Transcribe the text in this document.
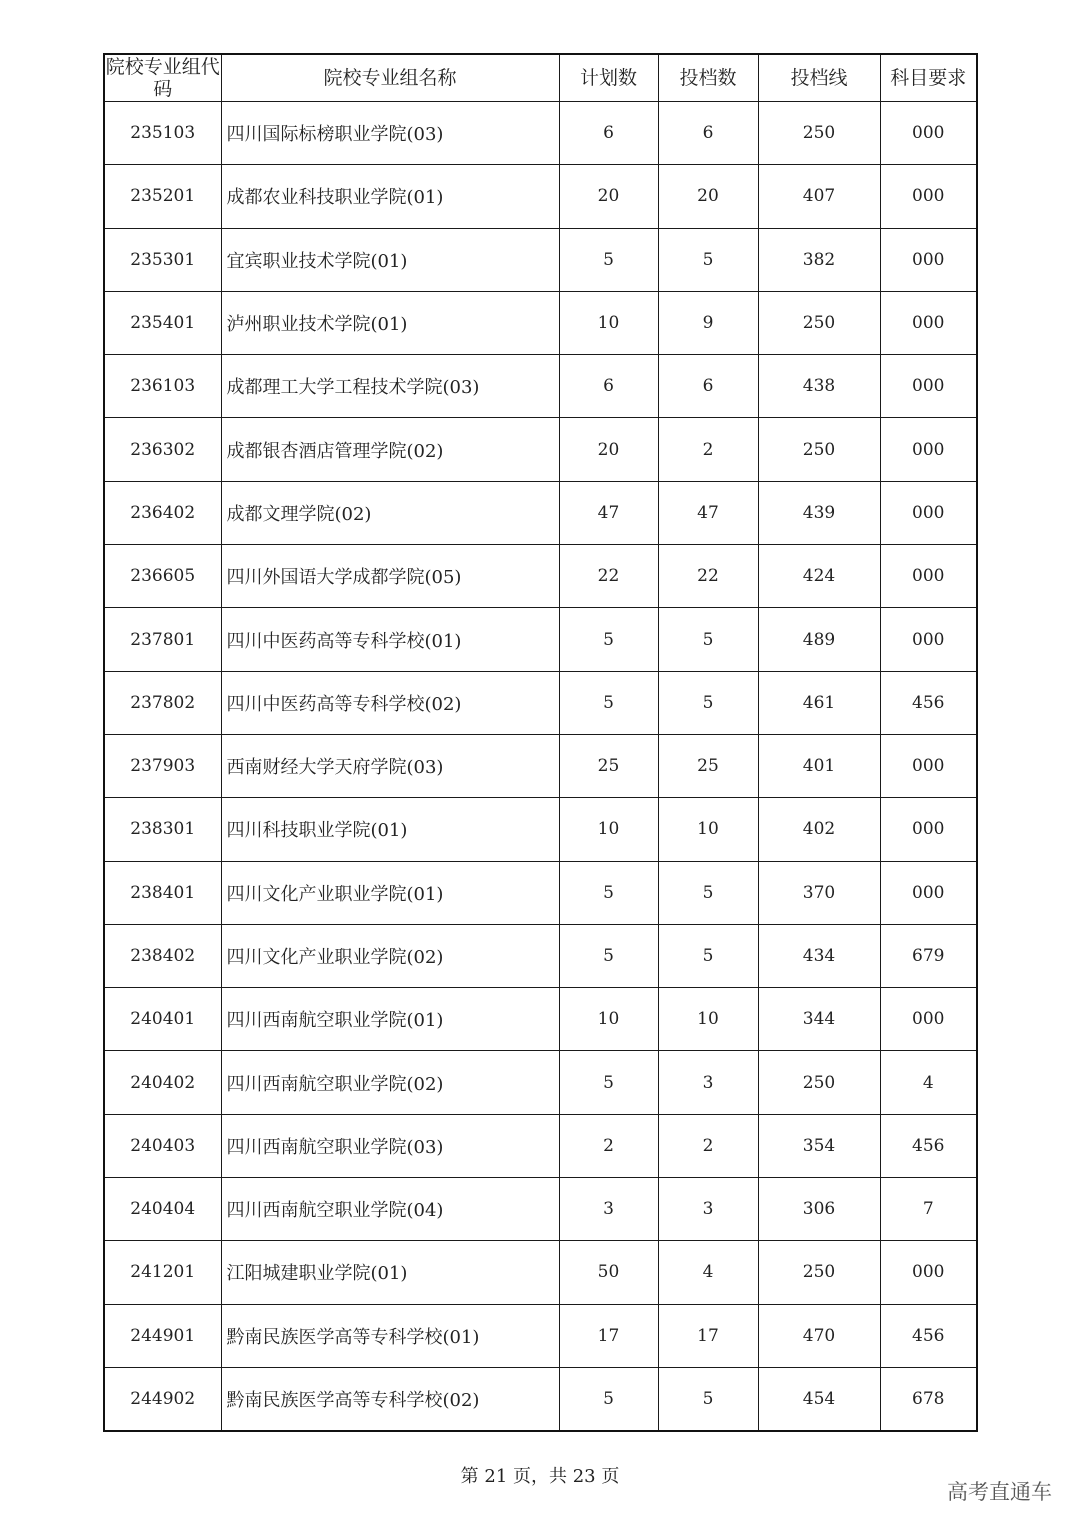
院校专业组代码	院校专业组名称	计划数	投档数	投档线	科目要求
235103	四川国际标榜职业学院(03)	6	6	250	000
235201	成都农业科技职业学院(01)	20	20	407	000
235301	宜宾职业技术学院(01)	5	5	382	000
235401	泸州职业技术学院(01)	10	9	250	000
236103	成都理工大学工程技术学院(03)	6	6	438	000
236302	成都银杏酒店管理学院(02)	20	2	250	000
236402	成都文理学院(02)	47	47	439	000
236605	四川外国语大学成都学院(05)	22	22	424	000
237801	四川中医药高等专科学校(01)	5	5	489	000
237802	四川中医药高等专科学校(02)	5	5	461	456
237903	西南财经大学天府学院(03)	25	25	401	000
238301	四川科技职业学院(01)	10	10	402	000
238401	四川文化产业职业学院(01)	5	5	370	000
238402	四川文化产业职业学院(02)	5	5	434	679
240401	四川西南航空职业学院(01)	10	10	344	000
240402	四川西南航空职业学院(02)	5	3	250	4
240403	四川西南航空职业学院(03)	2	2	354	456
240404	四川西南航空职业学院(04)	3	3	306	7
241201	江阳城建职业学院(01)	50	4	250	000
244901	黔南民族医学高等专科学校(01)	17	17	470	456
244902	黔南民族医学高等专科学校(02)	5	5	454	678
第 21 页，共 23 页
高考直通车
